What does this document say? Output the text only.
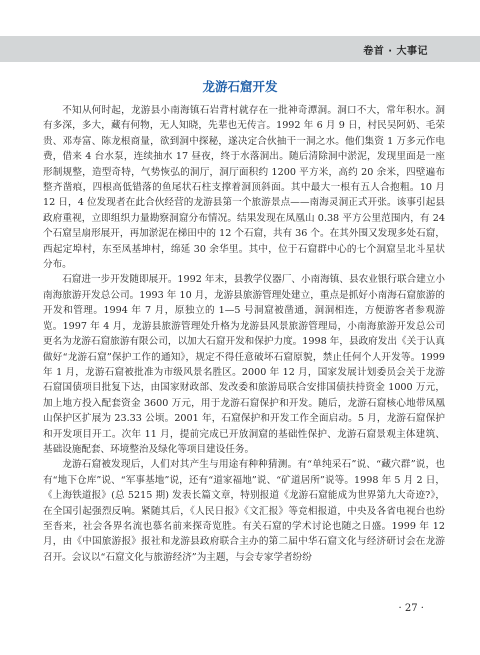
卷首 · 大事记
龙游石窟开发

不知从何时起，龙游县小南海镇石岩背村就存在一批神奇潭洞。洞口不大，常年积水。洞有多深，多大，藏有何物，无人知晓，先辈也无传言。1992 年 6 月 9 日，村民吴阿奶、毛荣贵、邓寿富、陈龙根商量，欲到洞中探秘，遂决定合伙抽干一洞之水。他们集资 1 万多元作电费，借来 4 台水泵，连续抽水 17 昼夜，终于水落洞出。随后清除洞中淤泥，发现里面是一座形制规整，造型奇特，气势恢弘的洞厅，洞厅面积约 1200 平方米，高约 20 余米，四壁遍布整齐凿痕，四根高低错落的鱼尾状石柱支撑着洞顶斜面。其中最大一根有五人合抱粗。10 月 12 日，4 位发现者在此合伙经营的龙游县第一个旅游景点——南海灵洞正式开张。该事引起县政府重视，立即组织力量勘察洞窟分布情况。结果发现在凤凰山 0.38 平方公里范围内，有 24 个石窟呈扇形展开，再加淤泥在梯田中的 12 个石窟，共有 36 个。在其外围又发现多处石窟，西起定埠村，东至凤基坤村，绵延 30 余华里。其中，位于石窟群中心的七个洞窟呈北斗星状分布。

石窟进一步开发随即展开。1992 年末，县教学仪器厂、小南海镇、县农业银行联合建立小南海旅游开发总公司。1993 年 10 月，龙游县旅游管理处建立，重点是抓好小南海石窟旅游的开发和管理。1994 年 7 月，原独立的 1—5 号洞窟被凿通，洞洞相连，方便游客者参观游览。1997 年 4 月，龙游县旅游管理处升格为龙游县风景旅游管理局，小南海旅游开发总公司更名为龙游石窟旅游有限公司，以加大石窟开发和保护力度。1998 年，县政府发出《关于认真做好“龙游石窟”保护工作的通知》，规定不得任意破坏石窟原貌，禁止任何个人开发等。1999 年 1 月，龙游石窟被批准为市级风景名胜区。2000 年 12 月，国家发展计划委员会关于龙游石窟国债项目批复下达，由国家财政部、发改委和旅游局联合安排国债扶持资金 1000 万元，加上地方投入配套资金 3600 万元，用于龙游石窟保护和开发。随后，龙游石窟核心地带凤凰山保护区扩展为 23.33 公顷。2001 年，石窟保护和开发工作全面启动。5 月，龙游石窟保护和开发项目开工。次年 11 月，提前完成已开放洞窟的基础性保护、龙游石窟景观主体建筑、基础设施配套、环境整治及绿化等项目建设任务。

龙游石窟被发现后，人们对其产生与用途有种种猜测。有“单纯采石”说、“藏穴群”说，也有“地下仓库”说、“军事基地”说，还有“道家福地”说、“矿道居所”说等。1998 年 5 月 2 日，《上海铁道报》(总 5215 期) 发表长篇文章，特别报道《龙游石窟能成为世界第九大奇迹?》，在全国引起强烈反响。紧随其后，《人民日报》《文汇报》等竞相报道，中央及各省电视台也纷至沓来，社会各界名流也慕名前来探奇览胜。有关石窟的学术讨论也随之日盛。1999 年 12 月，由《中国旅游报》报社和龙游县政府联合主办的第二届中华石窟文化与经济研讨会在龙游召开。会议以“石窟文化与旅游经济”为主题，与会专家学者纷纷

· 27 ·
